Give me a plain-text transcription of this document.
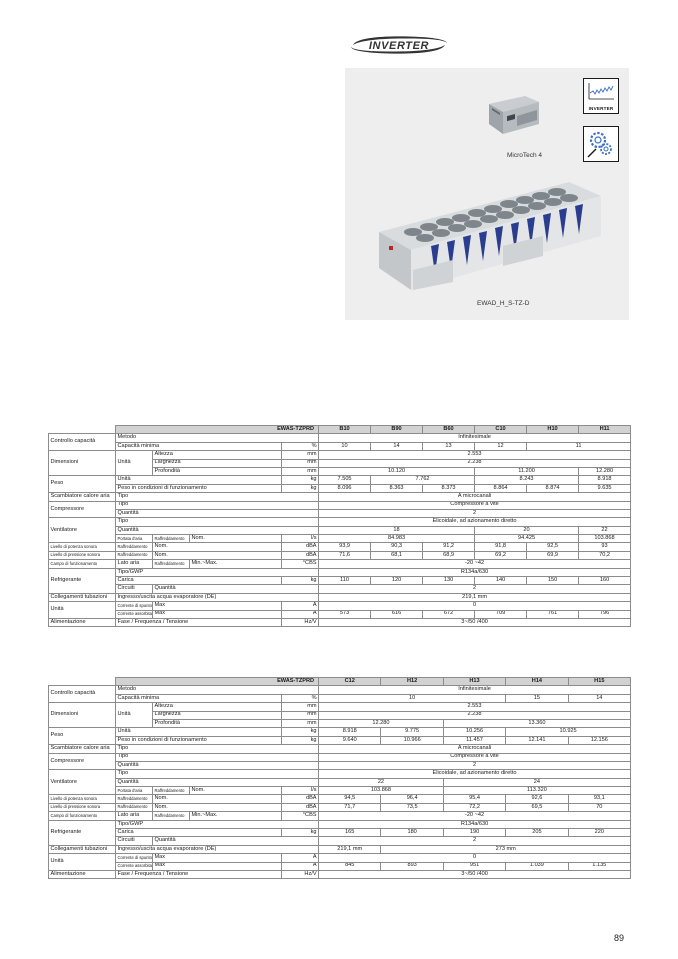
INVERTER
MicroTech 4
EWAD_H_S-TZ-D
INVERTER
	EWAS-TZPRD				B10	B90	B60	C10	H10	H11
Controllo capacità	Metodo				Infinitesimale					
	Capacità minima			%	10	14	13	12	11	
Dimensioni	Unità	Altezza		mm	2.553					
		Larghezza		mm	2.238					
		Profondità		mm	10.120			11.200		12.280
Peso	Unità			kg	7.505	7.762		8.243		8.918
	Peso in condizioni di funzionamento			kg	8.096	8.363	8.373	8.864	8.874	9.635
Scambiatore calore aria	Tipo				A microcanali					
Compressore	Tipo				Compressore a vite					
	Quantità				2					
Ventilatore	Tipo				Elicoidale, ad azionamento diretto					
	Quantità				18			20		22
	Portata d'aria	Raffreddamento	Nom.	l/s	84.983			94.425		103.868
Livello di potenza sonora	Raffreddamento	Nom.		dBA	93,9	90,3	91,2	91,8	92,5	93
Livello di pressione sonora	Raffreddamento	Nom.		dBA	71,6	68,1	68,9	69,2	69,9	70,2
Campo di funzionamento	Lato aria	Raffreddamento	Min.~Max.	°CBS	-20 ~42					
Refrigerante	Tipo/GWP				R134a/630					
	Carica			kg	110	120	130	140	150	160
	Circuiti	Quantità			2					
Collegamenti tubazioni	Ingresso/uscita acqua evaporatore (DE)				219,1 mm					
Unità	Corrente di spunto	Max		A	0					
	Corrente assorbita	Max		A	573	616	672	709	761	796
Alimentazione	Fase / Frequenza / Tensione			Hz/V	3~/50 /400					
	EWAS-TZPRD				C12	H12	H13	H14	H15
Controllo capacità	Metodo				Infinitesimale				
	Capacità minima			%	10			15	14
Dimensioni	Unità	Altezza		mm	2.553				
		Larghezza		mm	2.238				
		Profondità		mm	12.280		13.360		
Peso	Unità			kg	8.918	9.775	10.256	10.925	
	Peso in condizioni di funzionamento			kg	9.640	10.966	11.457	12.141	12.156
Scambiatore calore aria	Tipo				A microcanali				
Compressore	Tipo				Compressore a vite				
	Quantità				2				
Ventilatore	Tipo				Elicoidale, ad azionamento diretto				
	Quantità				22		24		
	Portata d'aria	Raffreddamento	Nom.	l/s	103.868		113.320		
Livello di potenza sonora	Raffreddamento	Nom.		dBA	94,5	96,4	95,4	92,6	93,1
Livello di pressione sonora	Raffreddamento	Nom.		dBA	71,7	73,5	72,2	69,5	70
Campo di funzionamento	Lato aria	Raffreddamento	Min.~Max.	°CBS	-20 ~42				
Refrigerante	Tipo/GWP				R134a/630				
	Carica			kg	165	180	190	205	220
	Circuiti	Quantità			2				
Collegamenti tubazioni	Ingresso/uscita acqua evaporatore (DE)				219,1 mm	273 mm			
Unità	Corrente di spunto	Max		A	0				
	Corrente assorbita	Max		A	845	893	951	1.039	1.135
Alimentazione	Fase / Frequenza / Tensione			Hz/V	3~/50 /400				
89
